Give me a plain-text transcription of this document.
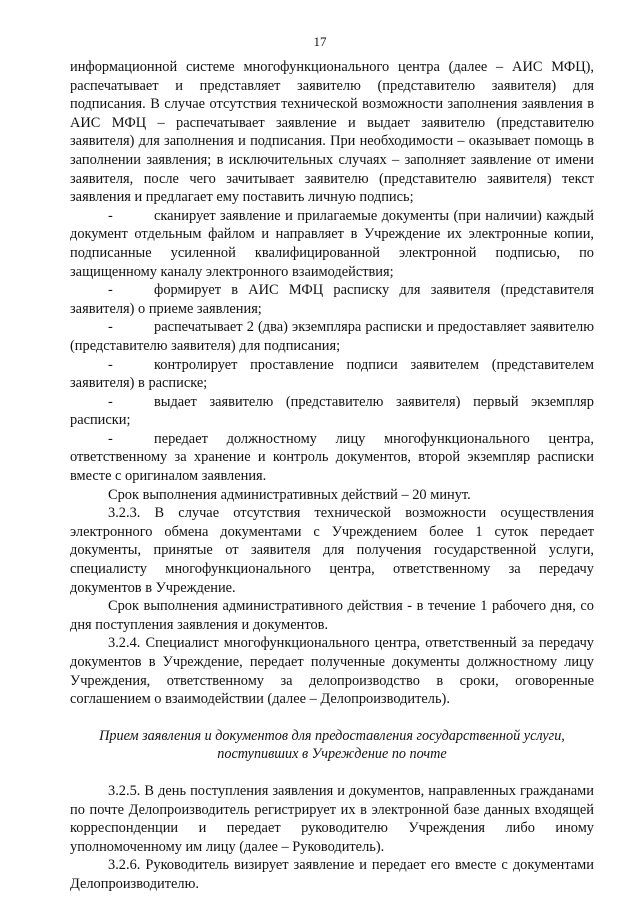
17

информационной системе многофункционального центра (далее – АИС МФЦ), распечатывает и представляет заявителю (представителю заявителя) для подписания. В случае отсутствия технической возможности заполнения заявления в АИС МФЦ – распечатывает заявление и выдает заявителю (представителю заявителя) для заполнения и подписания. При необходимости – оказывает помощь в заполнении заявления; в исключительных случаях – заполняет заявление от имени заявителя, после чего зачитывает заявителю (представителю заявителя) текст заявления и предлагает ему поставить личную подпись;

-	сканирует заявление и прилагаемые документы (при наличии) каждый документ отдельным файлом и направляет в Учреждение их электронные копии, подписанные усиленной квалифицированной электронной подписью, по защищенному каналу электронного взаимодействия;

-	формирует в АИС МФЦ расписку для заявителя (представителя заявителя) о приеме заявления;

-	распечатывает 2 (два) экземпляра расписки и предоставляет заявителю (представителю заявителя) для подписания;

-	контролирует проставление подписи заявителем (представителем заявителя) в расписке;

-	выдает заявителю (представителю заявителя) первый экземпляр расписки;

-	передает должностному лицу многофункционального центра, ответственному за хранение и контроль документов, второй экземпляр расписки вместе с оригиналом заявления.

Срок выполнения административных действий – 20 минут.

3.2.3. В случае отсутствия технической возможности осуществления электронного обмена документами с Учреждением более 1 суток передает документы, принятые от заявителя для получения государственной услуги, специалисту многофункционального центра, ответственному за передачу документов в Учреждение.

Срок выполнения административного действия - в течение 1 рабочего дня, со дня поступления заявления и документов.

3.2.4. Специалист многофункционального центра, ответственный за передачу документов в Учреждение, передает полученные документы должностному лицу Учреждения, ответственному за делопроизводство в сроки, оговоренные соглашением о взаимодействии (далее – Делопроизводитель).

Прием заявления и документов для предоставления государственной услуги,
поступивших в Учреждение по почте

3.2.5. В день поступления заявления и документов, направленных гражданами по почте Делопроизводитель регистрирует их в электронной базе данных входящей корреспонденции и передает руководителю Учреждения либо иному уполномоченному им лицу (далее – Руководитель).

3.2.6. Руководитель визирует заявление и передает его вместе с документами Делопроизводителю.
